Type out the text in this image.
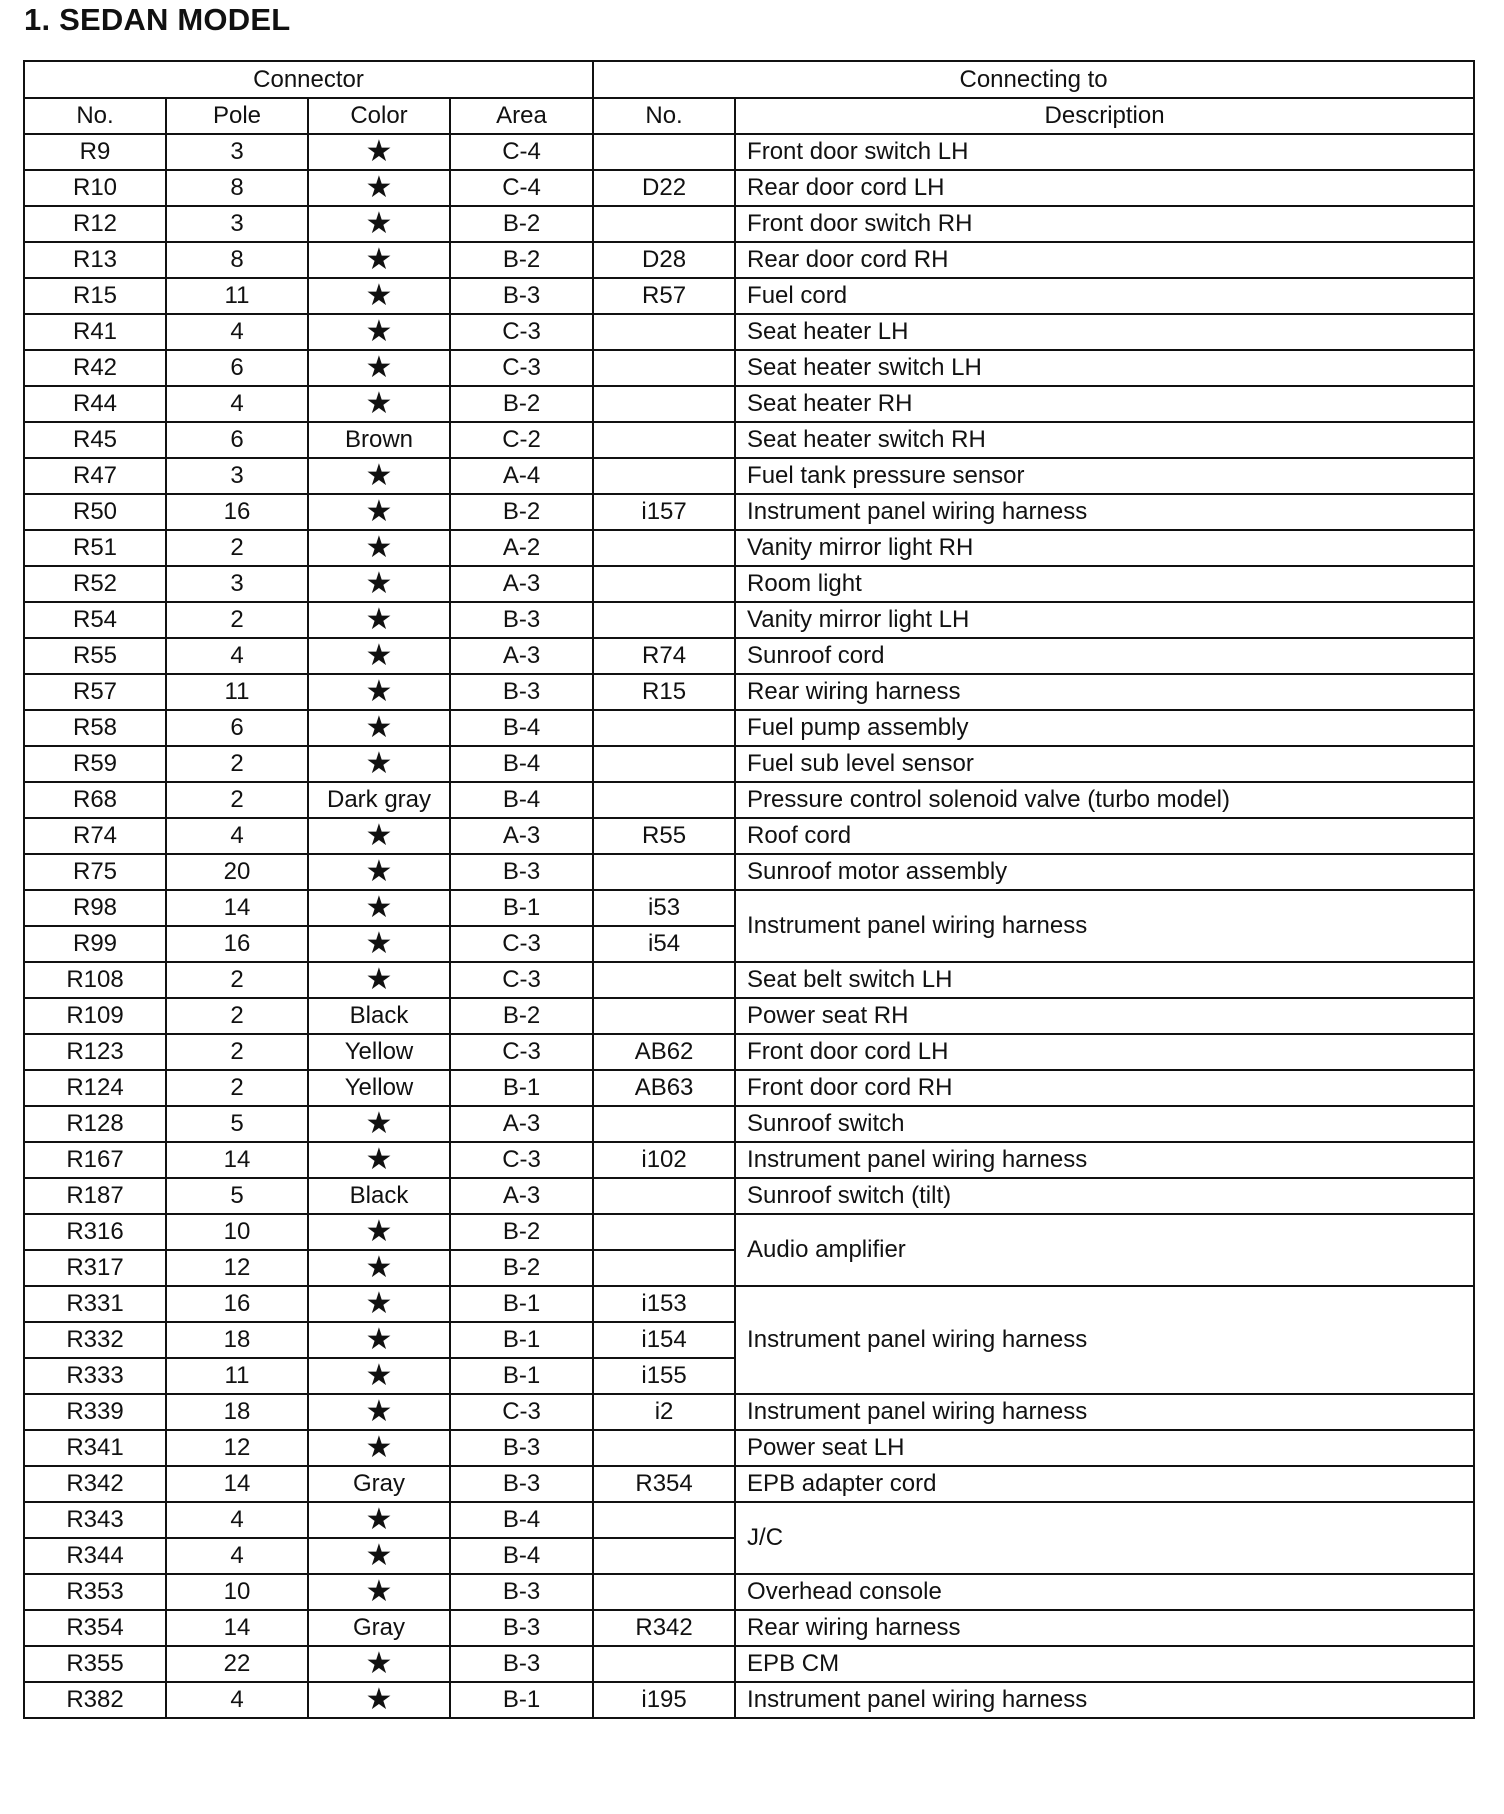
1. SEDAN MODEL
Connector				Connecting to	
No.	Pole	Color	Area	No.	Description
R9	3	★	C-4		Front door switch LH
R10	8	★	C-4	D22	Rear door cord LH
R12	3	★	B-2		Front door switch RH
R13	8	★	B-2	D28	Rear door cord RH
R15	11	★	B-3	R57	Fuel cord
R41	4	★	C-3		Seat heater LH
R42	6	★	C-3		Seat heater switch LH
R44	4	★	B-2		Seat heater RH
R45	6	Brown	C-2		Seat heater switch RH
R47	3	★	A-4		Fuel tank pressure sensor
R50	16	★	B-2	i157	Instrument panel wiring harness
R51	2	★	A-2		Vanity mirror light RH
R52	3	★	A-3		Room light
R54	2	★	B-3		Vanity mirror light LH
R55	4	★	A-3	R74	Sunroof cord
R57	11	★	B-3	R15	Rear wiring harness
R58	6	★	B-4		Fuel pump assembly
R59	2	★	B-4		Fuel sub level sensor
R68	2	Dark gray	B-4		Pressure control solenoid valve (turbo model)
R74	4	★	A-3	R55	Roof cord
R75	20	★	B-3		Sunroof motor assembly
R98	14	★	B-1	i53	Instrument panel wiring harness
R99	16	★	C-3	i54	
R108	2	★	C-3		Seat belt switch LH
R109	2	Black	B-2		Power seat RH
R123	2	Yellow	C-3	AB62	Front door cord LH
R124	2	Yellow	B-1	AB63	Front door cord RH
R128	5	★	A-3		Sunroof switch
R167	14	★	C-3	i102	Instrument panel wiring harness
R187	5	Black	A-3		Sunroof switch (tilt)
R316	10	★	B-2		Audio amplifier
R317	12	★	B-2		
R331	16	★	B-1	i153	Instrument panel wiring harness
R332	18	★	B-1	i154	
R333	11	★	B-1	i155	
R339	18	★	C-3	i2	Instrument panel wiring harness
R341	12	★	B-3		Power seat LH
R342	14	Gray	B-3	R354	EPB adapter cord
R343	4	★	B-4		J/C
R344	4	★	B-4		
R353	10	★	B-3		Overhead console
R354	14	Gray	B-3	R342	Rear wiring harness
R355	22	★	B-3		EPB CM
R382	4	★	B-1	i195	Instrument panel wiring harness
